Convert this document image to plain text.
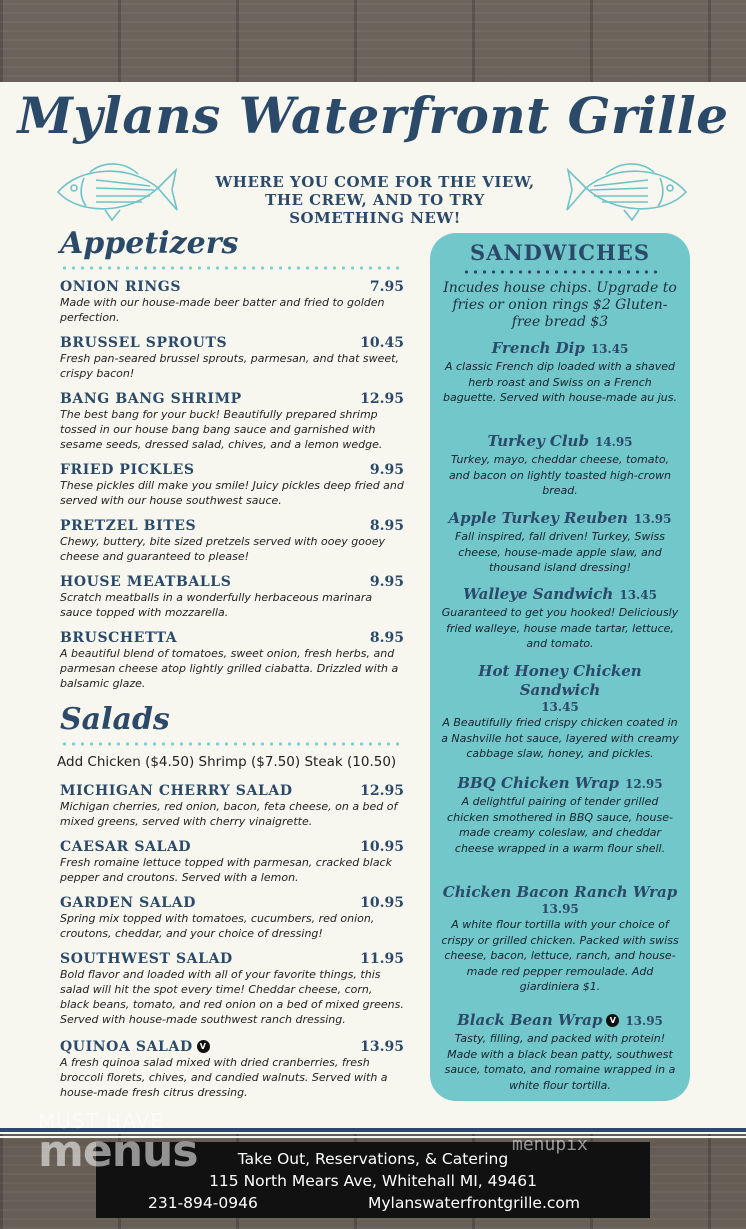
Mylans Waterfront Grille
WHERE YOU COME FOR THE VIEW,
THE CREW, AND TO TRY
SOMETHING NEW!
Appetizers
ONION RINGS	7.95
Made with our house-made beer batter and fried to golden perfection.
BRUSSEL SPROUTS	10.45
Fresh pan-seared brussel sprouts, parmesan, and that sweet, crispy bacon!
BANG BANG SHRIMP	12.95
The best bang for your buck! Beautifully prepared shrimp tossed in our house bang bang sauce and garnished with sesame seeds, dressed salad, chives, and a lemon wedge.
FRIED PICKLES	9.95
These pickles dill make you smile! Juicy pickles deep fried and served with our house southwest sauce.
PRETZEL BITES	8.95
Chewy, buttery, bite sized pretzels served with ooey gooey cheese and guaranteed to please!
HOUSE MEATBALLS	9.95
Scratch meatballs in a wonderfully herbaceous marinara sauce topped with mozzarella.
BRUSCHETTA	8.95
A beautiful blend of tomatoes, sweet onion, fresh herbs, and parmesan cheese atop lightly grilled ciabatta. Drizzled with a balsamic glaze.
Salads
Add Chicken ($4.50) Shrimp ($7.50) Steak (10.50)
MICHIGAN CHERRY SALAD	12.95
Michigan cherries, red onion, bacon, feta cheese, on a bed of mixed greens, served with cherry vinaigrette.
CAESAR SALAD	10.95
Fresh romaine lettuce topped with parmesan, cracked black pepper and croutons. Served with a lemon.
GARDEN SALAD	10.95
Spring mix topped with tomatoes, cucumbers, red onion, croutons, cheddar, and your choice of dressing!
SOUTHWEST SALAD	11.95
Bold flavor and loaded with all of your favorite things, this salad will hit the spot every time! Cheddar cheese, corn, black beans, tomato, and red onion on a bed of mixed greens. Served with house-made southwest ranch dressing.
QUINOA SALAD V	13.95
A fresh quinoa salad mixed with dried cranberries, fresh broccoli florets, chives, and candied walnuts. Served with a house-made fresh citrus dressing.
SANDWICHES
Incudes house chips. Upgrade to fries or onion rings $2 Gluten-free bread $3
French Dip 13.45
A classic French dip loaded with a shaved herb roast and Swiss on a French baguette. Served with house-made au jus.
Turkey Club 14.95
Turkey, mayo, cheddar cheese, tomato, and bacon on lightly toasted high-crown bread.
Apple Turkey Reuben 13.95
Fall inspired, fall driven! Turkey, Swiss cheese, house-made apple slaw, and thousand island dressing!
Walleye Sandwich 13.45
Guaranteed to get you hooked! Deliciously fried walleye, house made tartar, lettuce, and tomato.
Hot Honey Chicken Sandwich
13.45
A Beautifully fried crispy chicken coated in a Nashville hot sauce, layered with creamy cabbage slaw, honey, and pickles.
BBQ Chicken Wrap 12.95
A delightful pairing of tender grilled chicken smothered in BBQ sauce, house-made creamy coleslaw, and cheddar cheese wrapped in a warm flour shell.
Chicken Bacon Ranch Wrap
13.95
A white flour tortilla with your choice of crispy or grilled chicken. Packed with swiss cheese, bacon, lettuce, ranch, and house-made red pepper remoulade. Add giardiniera $1.
Black Bean Wrap V 13.95
Tasty, filling, and packed with protein! Made with a black bean patty, southwest sauce, tomato, and romaine wrapped in a white flour tortilla.
Take Out, Reservations, & Catering
115 North Mears Ave, Whitehall MI, 49461
231-894-0946	Mylanswaterfrontgrille.com
MUST HAVE
menus	menupix
